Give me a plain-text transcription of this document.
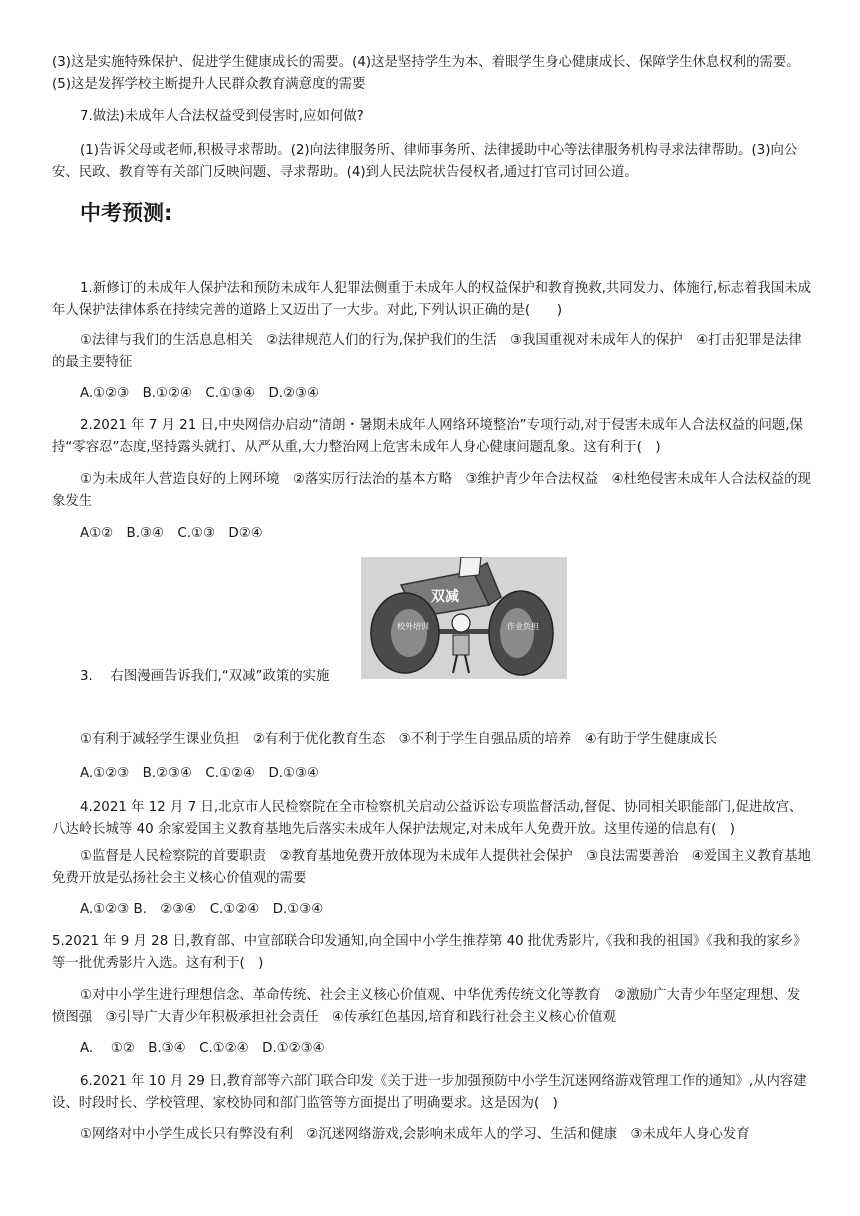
(3)这是实施特殊保护、促进学生健康成长的需要。(4)这是坚持学生为本、着眼学生身心健康成长、保障学生休息权利的需要。(5)这是发挥学校主断提升人民群众教育满意度的需要

7.做法)未成年人合法权益受到侵害时,应如何做?

(1)告诉父母或老师,积极寻求帮助。(2)向法律服务所、律师事务所、法律援助中心等法律服务机构寻求法律帮助。(3)向公安、民政、教育等有关部门反映问题、寻求帮助。(4)到人民法院状告侵权者,通过打官司讨回公道。

中考预测:

1.新修订的未成年人保护法和预防未成年人犯罪法侧重于未成年人的权益保护和教育挽救,共同发力、体施行,标志着我国未成年人保护法律体系在持续完善的道路上又迈出了一大步。对此,下列认识正确的是(　　)

①法律与我们的生活息息相关　②法律规范人们的行为,保护我们的生活　③我国重视对未成年人的保护　④打击犯罪是法律的最主要特征

A.①②③　B.①②④　C.①③④　D.②③④

2.2021 年 7 月 21 日,中央网信办启动“清朗・暑期未成年人网络环境整治”专项行动,对于侵害未成年人合法权益的问题,保持“零容忍”态度,坚持露头就打、从严从重,大力整治网上危害未成年人身心健康问题乱象。这有利于(　)

①为未成年人营造良好的上网环境　②落实厉行法治的基本方略　③维护青少年合法权益　④杜绝侵害未成年人合法权益的现象发生

A①②　B.③④　C.①③　D②④

双减
校外培训	作业负担

3.　 右图漫画告诉我们,“双减”政策的实施

①有利于减轻学生课业负担　②有利于优化教育生态　③不利于学生自强品质的培养　④有助于学生健康成长

A.①②③　B.②③④　C.①②④　D.①③④

4.2021 年 12 月 7 日,北京市人民检察院在全市检察机关启动公益诉讼专项监督活动,督促、协同相关职能部门,促进故宫、八达岭长城等 40 余家爱国主义教育基地先后落实未成年人保护法规定,对未成年人免费开放。这里传递的信息有(　)

①监督是人民检察院的首要职责　②教育基地免费开放体现为未成年人提供社会保护　③良法需要善治　④爱国主义教育基地免费开放是弘扬社会主义核心价值观的需要

A.①②③ B.　②③④　C.①②④　D.①③④

5.2021 年 9 月 28 日,教育部、中宣部联合印发通知,向全国中小学生推荐第 40 批优秀影片,《我和我的祖国》《我和我的家乡》等一批优秀影片入选。这有利于(　)

①对中小学生进行理想信念、革命传统、社会主义核心价值观、中华优秀传统文化等教育　②激励广大青少年坚定理想、发愤图强　③引导广大青少年积极承担社会责任　④传承红色基因,培育和践行社会主义核心价值观

A.　 ①②　B.③④　C.①②④　D.①②③④

6.2021 年 10 月 29 日,教育部等六部门联合印发《关于进一步加强预防中小学生沉迷网络游戏管理工作的通知》,从内容建设、时段时长、学校管理、家校协同和部门监管等方面提出了明确要求。这是因为(　)

①网络对中小学生成长只有弊没有利　②沉迷网络游戏,会影响未成年人的学习、生活和健康　③未成年人身心发育
